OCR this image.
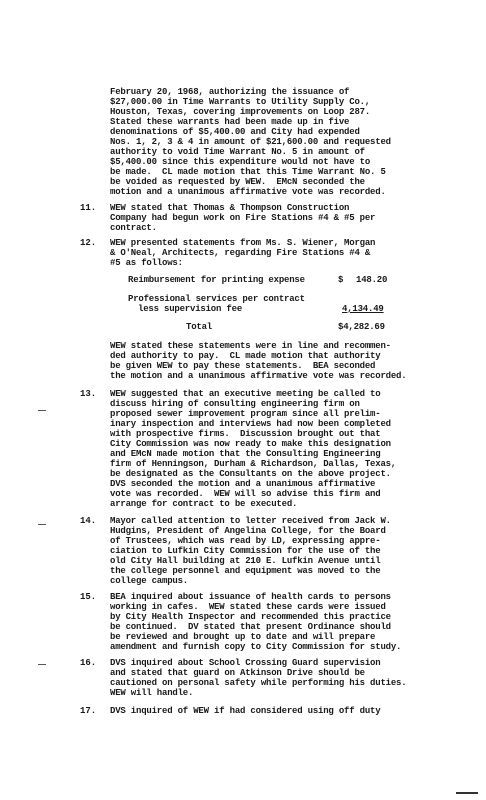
February 20, 1968, authorizing the issuance of
$27,000.00 in Time Warrants to Utility Supply Co.,
Houston, Texas, covering improvements on Loop 287.
Stated these warrants had been made up in five
denominations of $5,400.00 and City had expended
Nos. 1, 2, 3 & 4 in amount of $21,600.00 and requested
authority to void Time Warrant No. 5 in amount of
$5,400.00 since this expenditure would not have to
be made.  CL made motion that this Time Warrant No. 5
be voided as requested by WEW.  EMcN seconded the
motion and a unanimous affirmative vote was recorded.
11. WEW stated that Thomas & Thompson Construction
Company had begun work on Fire Stations #4 & #5 per
contract.
12. WEW presented statements from Ms. S. Wiener, Morgan
& O'Neal, Architects, regarding Fire Stations #4 &
#5 as follows:
Reimbursement for printing expense	$ 148.20
Professional services per contract
less supervision fee	4,134.49
Total	$4,282.69
WEW stated these statements were in line and recommen-
ded authority to pay.  CL made motion that authority
be given WEW to pay these statements.  BEA seconded
the motion and a unanimous affirmative vote was recorded.
13. WEW suggested that an executive meeting be called to
discuss hiring of consulting engineering firm on
proposed sewer improvement program since all prelim-
inary inspection and interviews had now been completed
with prospective firms.  Discussion brought out that
City Commission was now ready to make this designation
and EMcN made motion that the Consulting Engineering
firm of Henningson, Durham & Richardson, Dallas, Texas,
be designated as the Consultants on the above project.
DVS seconded the motion and a unanimous affirmative
vote was recorded.  WEW will so advise this firm and
arrange for contract to be executed.
14. Mayor called attention to letter received from Jack W.
Hudgins, President of Angelina College, for the Board
of Trustees, which was read by LD, expressing appre-
ciation to Lufkin City Commission for the use of the
old City Hall building at 210 E. Lufkin Avenue until
the college personnel and equipment was moved to the
college campus.
15. BEA inquired about issuance of health cards to persons
working in cafes.  WEW stated these cards were issued
by City Health Inspector and recommended this practice
be continued.  DV stated that present Ordinance should
be reviewed and brought up to date and will prepare
amendment and furnish copy to City Commission for study.
16. DVS inquired about School Crossing Guard supervision
and stated that guard on Atkinson Drive should be
cautioned on personal safety while performing his duties.
WEW will handle.
17. DVS inquired of WEW if had considered using off duty
